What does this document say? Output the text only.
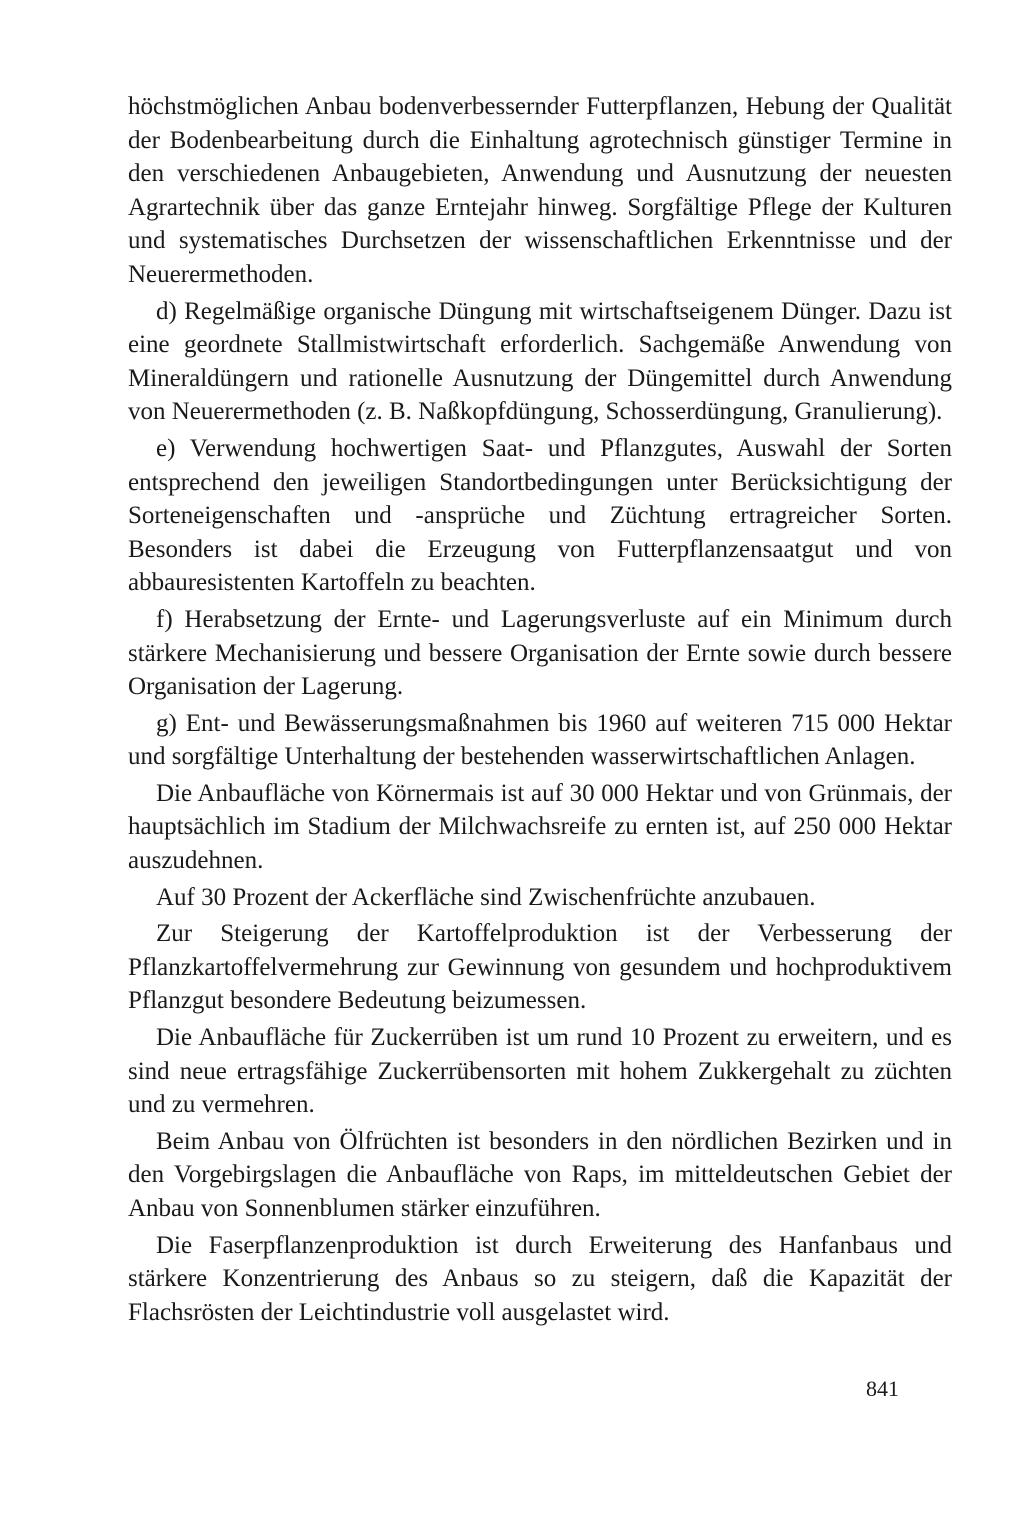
höchstmöglichen Anbau bodenverbessernder Futterpflanzen, Hebung der Qualität der Bodenbearbeitung durch die Einhaltung agrotechnisch günstiger Termine in den verschiedenen Anbaugebieten, Anwendung und Ausnutzung der neuesten Agrartechnik über das ganze Erntejahr hinweg. Sorgfältige Pflege der Kulturen und systematisches Durchsetzen der wissenschaftlichen Erkenntnisse und der Neuerermethoden.

d) Regelmäßige organische Düngung mit wirtschaftseigenem Dünger. Dazu ist eine geordnete Stallmistwirtschaft erforderlich. Sachgemäße Anwendung von Mineraldüngern und rationelle Ausnutzung der Düngemittel durch Anwendung von Neuerermethoden (z. B. Naßkopfdüngung, Schosserdüngung, Granulierung).

e) Verwendung hochwertigen Saat- und Pflanzgutes, Auswahl der Sorten entsprechend den jeweiligen Standortbedingungen unter Berücksichtigung der Sorteneigenschaften und -ansprüche und Züchtung ertragreicher Sorten. Besonders ist dabei die Erzeugung von Futterpflanzensaatgut und von abbauresistenten Kartoffeln zu beachten.

f) Herabsetzung der Ernte- und Lagerungsverluste auf ein Minimum durch stärkere Mechanisierung und bessere Organisation der Ernte sowie durch bessere Organisation der Lagerung.

g) Ent- und Bewässerungsmaßnahmen bis 1960 auf weiteren 715 000 Hektar und sorgfältige Unterhaltung der bestehenden wasserwirtschaftlichen Anlagen.

Die Anbaufläche von Körnermais ist auf 30 000 Hektar und von Grünmais, der hauptsächlich im Stadium der Milchwachsreife zu ernten ist, auf 250 000 Hektar auszudehnen.

Auf 30 Prozent der Ackerfläche sind Zwischenfrüchte anzubauen.

Zur Steigerung der Kartoffelproduktion ist der Verbesserung der Pflanzkartoffelvermehrung zur Gewinnung von gesundem und hochproduktivem Pflanzgut besondere Bedeutung beizumessen.

Die Anbaufläche für Zuckerrüben ist um rund 10 Prozent zu erweitern, und es sind neue ertragsfähige Zuckerrübensorten mit hohem Zukkergehalt zu züchten und zu vermehren.

Beim Anbau von Ölfrüchten ist besonders in den nördlichen Bezirken und in den Vorgebirgslagen die Anbaufläche von Raps, im mitteldeutschen Gebiet der Anbau von Sonnenblumen stärker einzuführen.

Die Faserpflanzenproduktion ist durch Erweiterung des Hanfanbaus und stärkere Konzentrierung des Anbaus so zu steigern, daß die Kapazität der Flachsrösten der Leichtindustrie voll ausgelastet wird.

841
